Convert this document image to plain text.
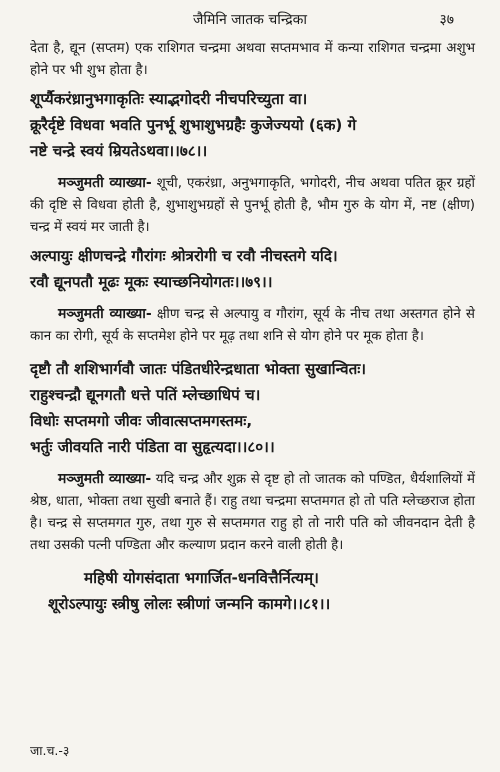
जैमिनि जातक चन्द्रिका	३७

देता है, द्यून (सप्तम) एक राशिगत चन्द्रमा अथवा सप्तमभाव में कन्या राशिगत चन्द्रमा अशुभ होने पर भी शुभ होता है।

शूर्प्यैकरंध्रानुभगाकृतिः स्याद्भगोदरी नीचपरिच्युता वा।

क्रूरैर्दृष्टे विधवा भवति पुनर्भू शुभाशुभग्रहैः कुजेज्ययो (६क) गे

नष्टे चन्द्रे स्वयं म्रियतेऽथवा।।७८।।

मञ्जुमती व्याख्या- शूची, एकरंध्रा, अनुभगाकृति, भगोदरी, नीच अथवा पतित क्रूर ग्रहों की दृष्टि से विधवा होती है, शुभाशुभग्रहों से पुनर्भू होती है, भौम गुरु के योग में, नष्ट (क्षीण) चन्द्र में स्वयं मर जाती है।

अल्पायुः क्षीणचन्द्रे गौरांगः श्रोत्ररोगी च रवौ नीचस्तगे यदि।

रवौ द्यूनपतौ मूढः मूकः स्याच्छनियोगतः।।७९।।

मञ्जुमती व्याख्या- क्षीण चन्द्र से अल्पायु व गौरांग, सूर्य के नीच तथा अस्तगत होने से कान का रोगी, सूर्य के सप्तमेश होने पर मूढ़ तथा शनि से योग होने पर मूक होता है।

दृष्टौ तौ शशिभार्गवौ जातः पंडितधीरेन्द्रधाता भोक्ता सुखान्वितः।

राहुश्चन्द्रौ द्यूनगतौ धत्ते पतिं म्लेच्छाधिपं च।

विधोः सप्तमगो जीवः जीवात्सप्तमगस्तमः,

भर्तुः जीवयति नारी पंडिता वा सुहृत्यदा।।८०।।

मञ्जुमती व्याख्या- यदि चन्द्र और शुक्र से दृष्ट हो तो जातक को पण्डित, धैर्यशालियों में श्रेष्ठ, धाता, भोक्ता तथा सुखी बनाते हैं। राहु तथा चन्द्रमा सप्तमगत हो तो पति म्लेच्छराज होता है। चन्द्र से सप्तमगत गुरु, तथा गुरु से सप्तमगत राहु हो तो नारी पति को जीवनदान देती है तथा उसकी पत्नी पण्डिता और कल्याण प्रदान करने वाली होती है।

महिषी योगसंदाता भगार्जित-धनवित्तैर्नित्यम्।

शूरोऽल्पायुः स्त्रीषु लोलः स्त्रीणां जन्मनि कामगे।।८१।।

जा.च.-३
